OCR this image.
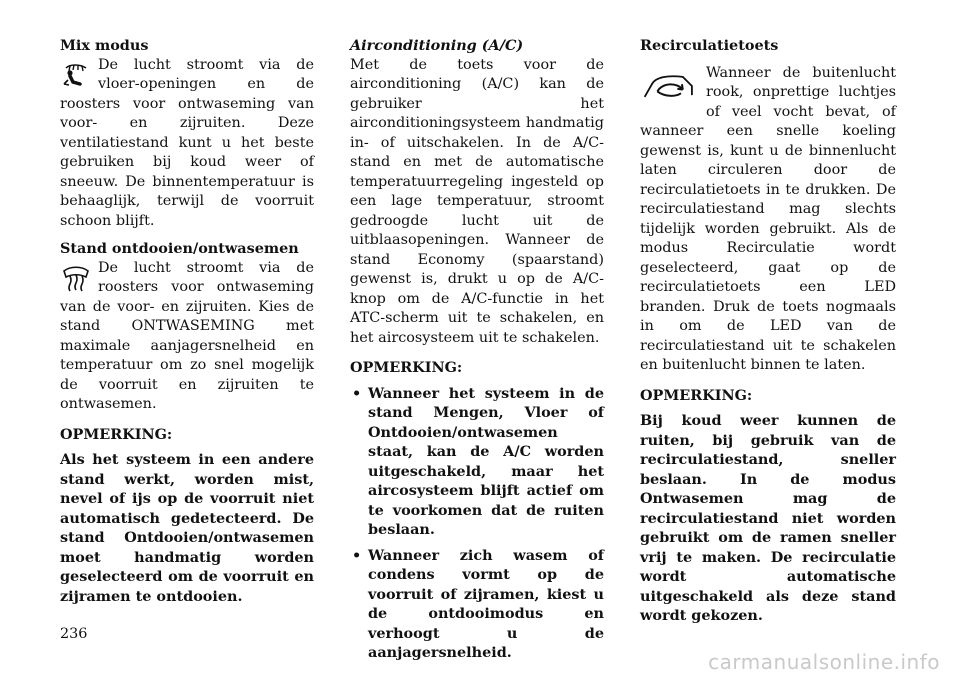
Mix modus

De lucht stroomt via de vloer-openingen en de roosters voor ontwaseming van voor- en zijruiten. Deze ventilatiestand kunt u het beste gebruiken bij koud weer of sneeuw. De binnentemperatuur is behaaglijk, terwijl de voorruit schoon blijft.

Stand ontdooien/ontwasemen

De lucht stroomt via de roosters voor ontwaseming van de voor- en zijruiten. Kies de stand ONTWASEMING met maximale aanjagersnelheid en temperatuur om zo snel mogelijk de voorruit en zijruiten te ontwasemen.

OPMERKING:

Als het systeem in een andere stand werkt, worden mist, nevel of ijs op de voorruit niet automatisch gedetecteerd. De stand Ontdooien/ontwasemen moet handmatig worden geselecteerd om de voorruit en zijramen te ontdooien.

Airconditioning (A/C)

Met de toets voor de airconditioning (A/C) kan de gebruiker het airconditioningsysteem handmatig in- of uitschakelen. In de A/C-stand en met de automatische temperatuurregeling ingesteld op een lage temperatuur, stroomt gedroogde lucht uit de uitblaasopeningen. Wanneer de stand Economy (spaarstand) gewenst is, drukt u op de A/C-knop om de A/C-functie in het ATC-scherm uit te schakelen, en het aircosysteem uit te schakelen.

OPMERKING:
• Wanneer het systeem in de stand Mengen, Vloer of Ontdooien/ontwasemen staat, kan de A/C worden uitgeschakeld, maar het aircosysteem blijft actief om te voorkomen dat de ruiten beslaan.
• Wanneer zich wasem of condens vormt op de voorruit of zijramen, kiest u de ontdooimodus en verhoogt u de aanjagersnelheid.
Recirculatietoets

Wanneer de buitenlucht rook, onprettige luchtjes of veel vocht bevat, of wanneer een snelle koeling gewenst is, kunt u de binnenlucht laten circuleren door de recirculatietoets in te drukken. De recirculatiestand mag slechts tijdelijk worden gebruikt. Als de modus Recirculatie wordt geselecteerd, gaat op de recirculatietoets een LED branden. Druk de toets nogmaals in om de LED van de recirculatiestand uit te schakelen en buitenlucht binnen te laten.

OPMERKING:

Bij koud weer kunnen de ruiten, bij gebruik van de recirculatiestand, sneller beslaan. In de modus Ontwasemen mag de recirculatiestand niet worden gebruikt om de ramen sneller vrij te maken. De recirculatie wordt automatische uitgeschakeld als deze stand wordt gekozen.

236
carmanualsonline.info
